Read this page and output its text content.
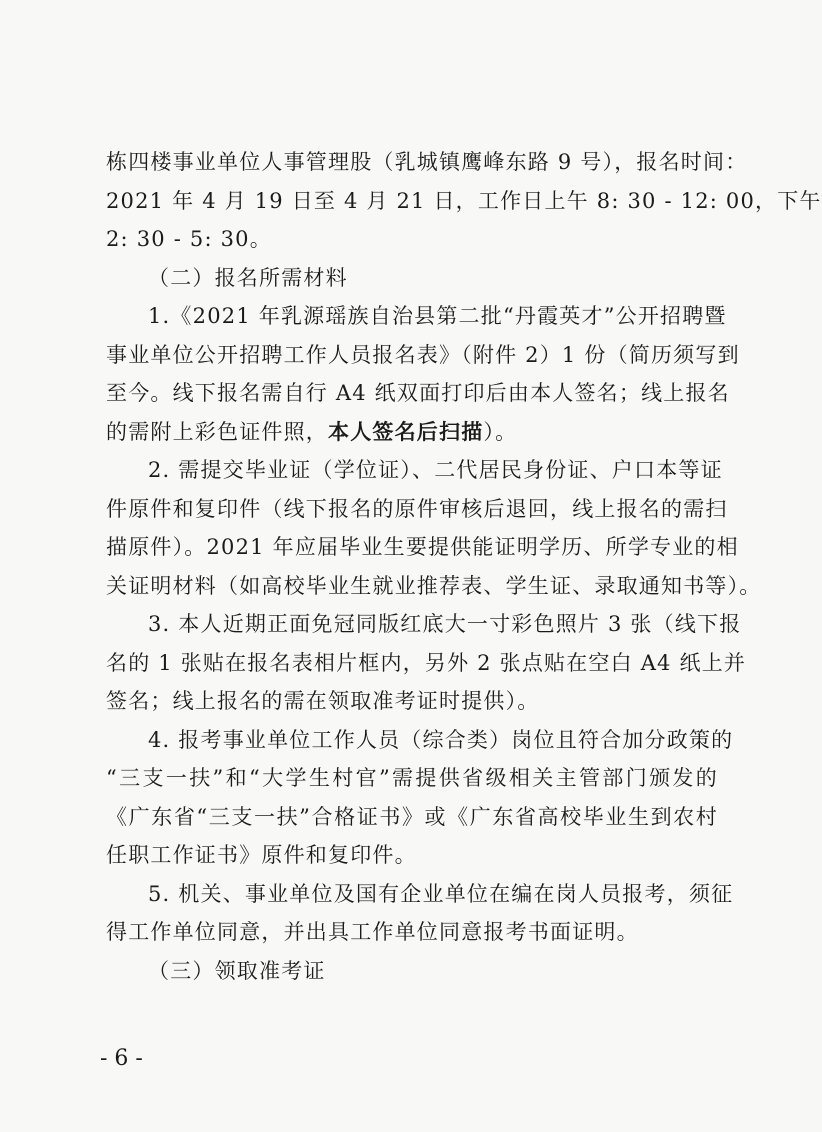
栋四楼事业单位人事管理股（乳城镇鹰峰东路 9 号），报名时间：
2021 年 4 月 19 日至 4 月 21 日，工作日上午 8: 30 - 12: 00，下午
2: 30 - 5: 30。
（二）报名所需材料
1.《2021 年乳源瑶族自治县第二批“丹霞英才”公开招聘暨
事业单位公开招聘工作人员报名表》（附件 2）1 份（简历须写到
至今。线下报名需自行 A4 纸双面打印后由本人签名；线上报名
的需附上彩色证件照，本人签名后扫描）。
2. 需提交毕业证（学位证）、二代居民身份证、户口本等证
件原件和复印件（线下报名的原件审核后退回，线上报名的需扫
描原件）。2021 年应届毕业生要提供能证明学历、所学专业的相
关证明材料（如高校毕业生就业推荐表、学生证、录取通知书等）。
3. 本人近期正面免冠同版红底大一寸彩色照片 3 张（线下报
名的 1 张贴在报名表相片框内，另外 2 张点贴在空白 A4 纸上并
签名；线上报名的需在领取准考证时提供）。
4. 报考事业单位工作人员（综合类）岗位且符合加分政策的
“三支一扶”和“大学生村官”需提供省级相关主管部门颁发的
《广东省“三支一扶”合格证书》或《广东省高校毕业生到农村
任职工作证书》原件和复印件。
5. 机关、事业单位及国有企业单位在编在岗人员报考，须征
得工作单位同意，并出具工作单位同意报考书面证明。
（三）领取准考证
- 6 -
